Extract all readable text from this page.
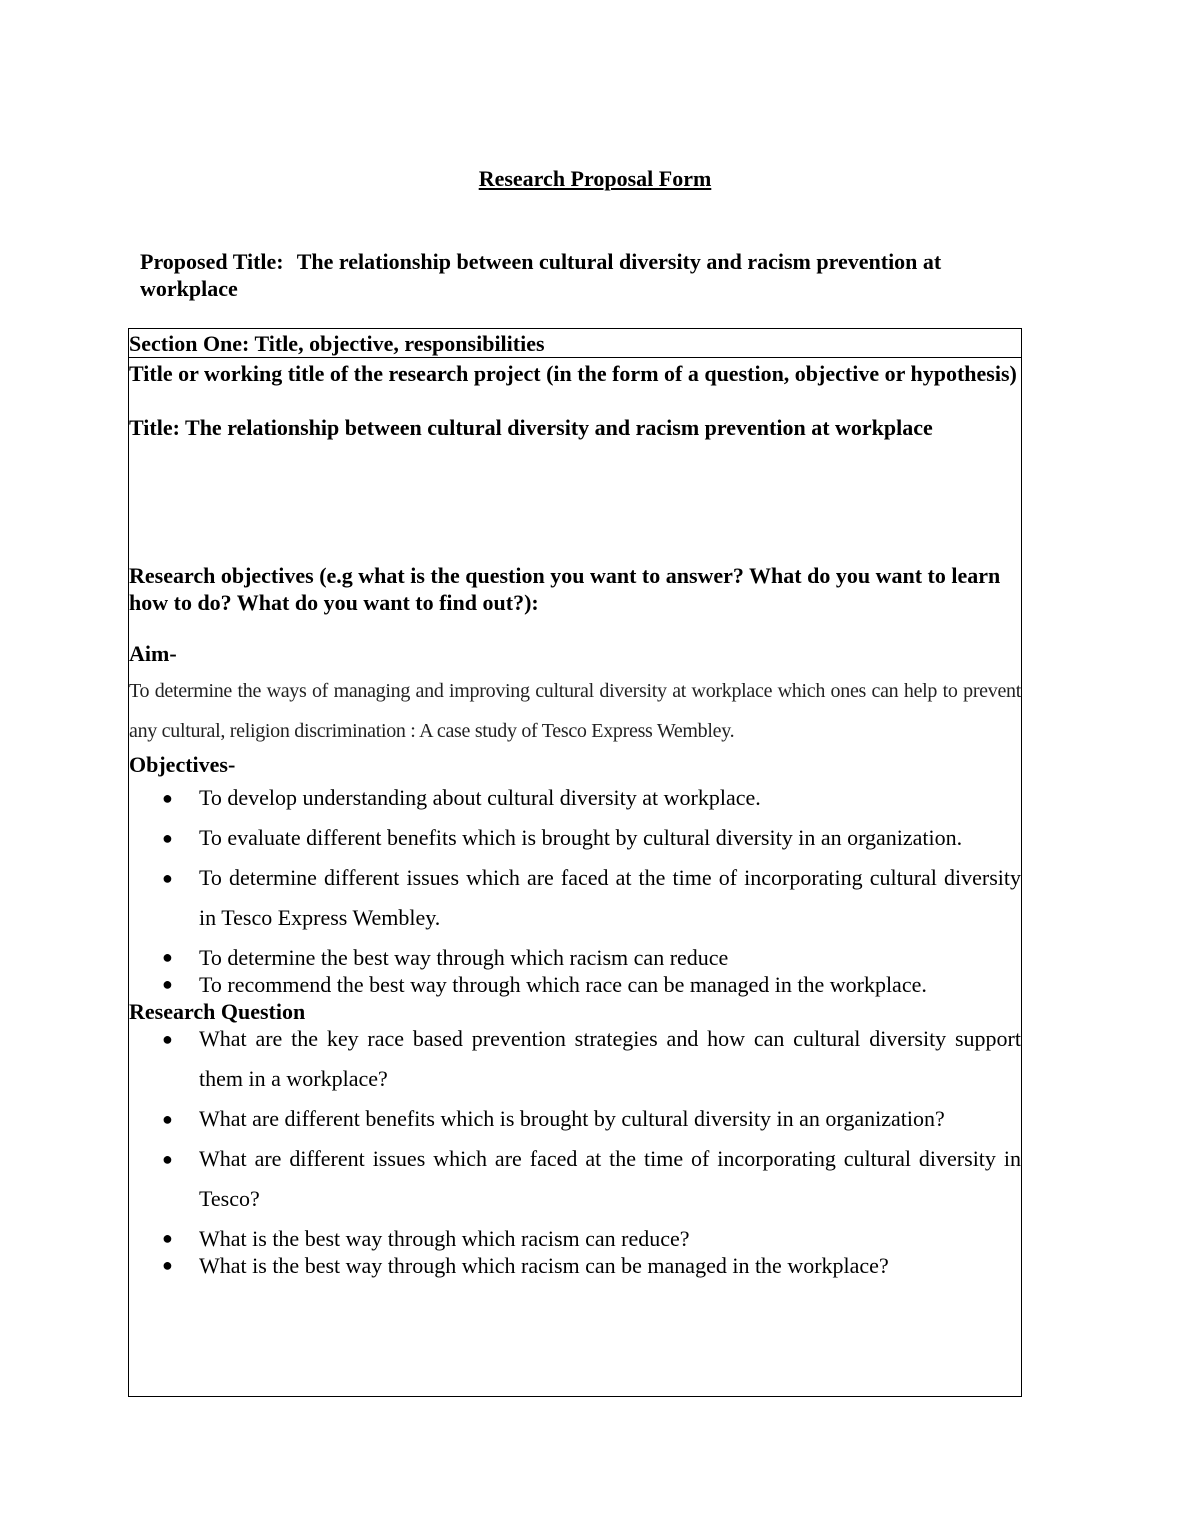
Research Proposal Form
Proposed Title: The relationship between cultural diversity and racism prevention at workplace
Section One: Title, objective, responsibilities
Title or working title of the research project (in the form of a question, objective or hypothesis)
Title: The relationship between cultural diversity and racism prevention at workplace
Research objectives (e.g what is the question you want to answer? What do you want to learn how to do? What do you want to find out?):
Aim-
To determine the ways of managing and improving cultural diversity at workplace which ones can help to prevent any cultural, religion discrimination : A case study of Tesco Express Wembley.
Objectives-
● To develop understanding about cultural diversity at workplace.
● To evaluate different benefits which is brought by cultural diversity in an organization.
● To determine different issues which are faced at the time of incorporating cultural diversity in Tesco Express Wembley.
● To determine the best way through which racism can reduce
● To recommend the best way through which race can be managed in the workplace.
Research Question
● What are the key race based prevention strategies and how can cultural diversity support them in a workplace?
● What are different benefits which is brought by cultural diversity in an organization?
● What are different issues which are faced at the time of incorporating cultural diversity in Tesco?
● What is the best way through which racism can reduce?
● What is the best way through which racism can be managed in the workplace?
